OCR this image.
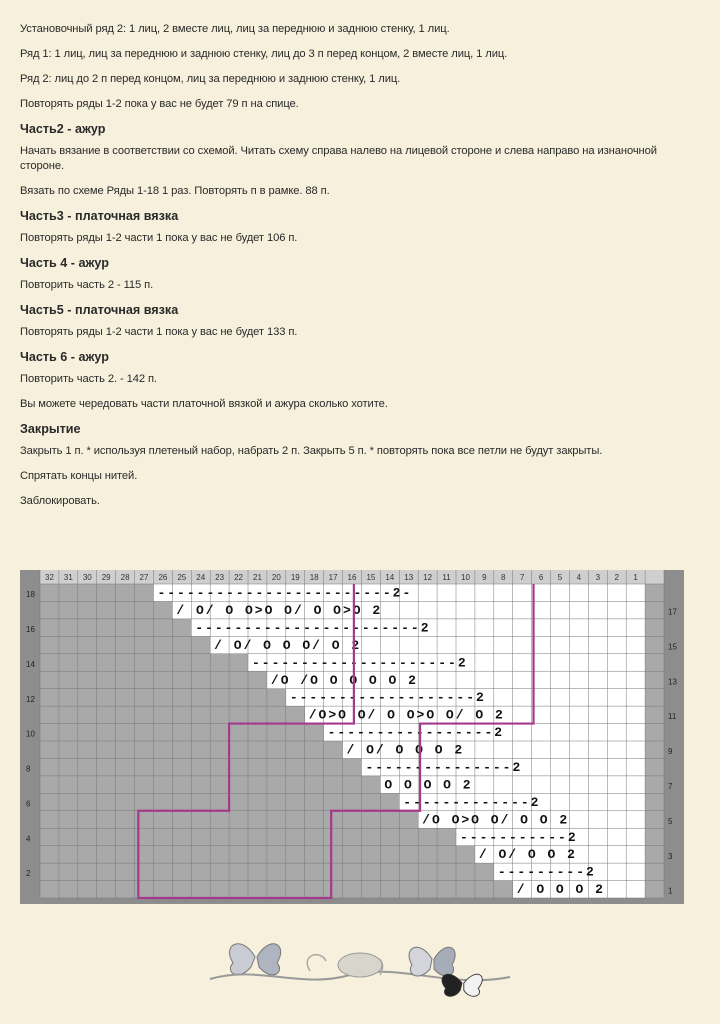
Установочный ряд 2: 1 лиц, 2 вместе лиц, лиц за переднюю и заднюю стенку, 1 лиц.
Ряд 1: 1 лиц, лиц за переднюю и заднюю стенку, лиц до 3 п перед концом, 2 вместе лиц, 1 лиц.
Ряд 2: лиц до 2 п перед концом, лиц за переднюю и заднюю стенку, 1 лиц.
Повторять ряды 1-2 пока у вас не будет 79 п на спице.
Часть2 - ажур
Начать вязание в соответствии со схемой. Читать схему справа налево на лицевой стороне и слева направо на изнаночной стороне.
Вязать по схеме Ряды 1-18 1 раз. Повторять п в рамке. 88 п.
Часть3 - платочная вязка
Повторять ряды 1-2 части 1 пока у вас не будет 106 п.
Часть 4 - ажур
Повторить часть 2 - 115 п.
Часть5 - платочная вязка
Повторять ряды 1-2 части 1 пока у вас не будет 133 п.
Часть 6 - ажур
Повторить часть 2. - 142 п.
Вы можете чередовать части платочной вязкой и ажура сколько хотите.
Закрытие
Закрыть 1 п. * используя плетеный набор, набрать 2 п. Закрыть 5 п. * повторять пока все петли не будут закрыты.
Спрятать концы нитей.
Заблокировать.
32 31 30 29 28 27 26 25 24 23 22 21 20 19 18 17 16 15 14 13 12 11 10 9 8 7 6 5 4 3 2 1
/ O O O 2
---------2
/ O/ O O 2
-----------2
/O O>O O/ O O 2
-------------2
O O O O 2
---------------2
/ O/ O O O 2
-----------------2
/O>O O/ O O>O O/ O 2
-------------------2
/O /O O O O O 2
---------------------2
/ O/ O O O/ O 2
-----------------------2
/ O/ O O>O O/ O O>O 2
------------------------2-
18
16
14
12
10
8
6
4
2
17
15
13
11
9
7
5
3
1
